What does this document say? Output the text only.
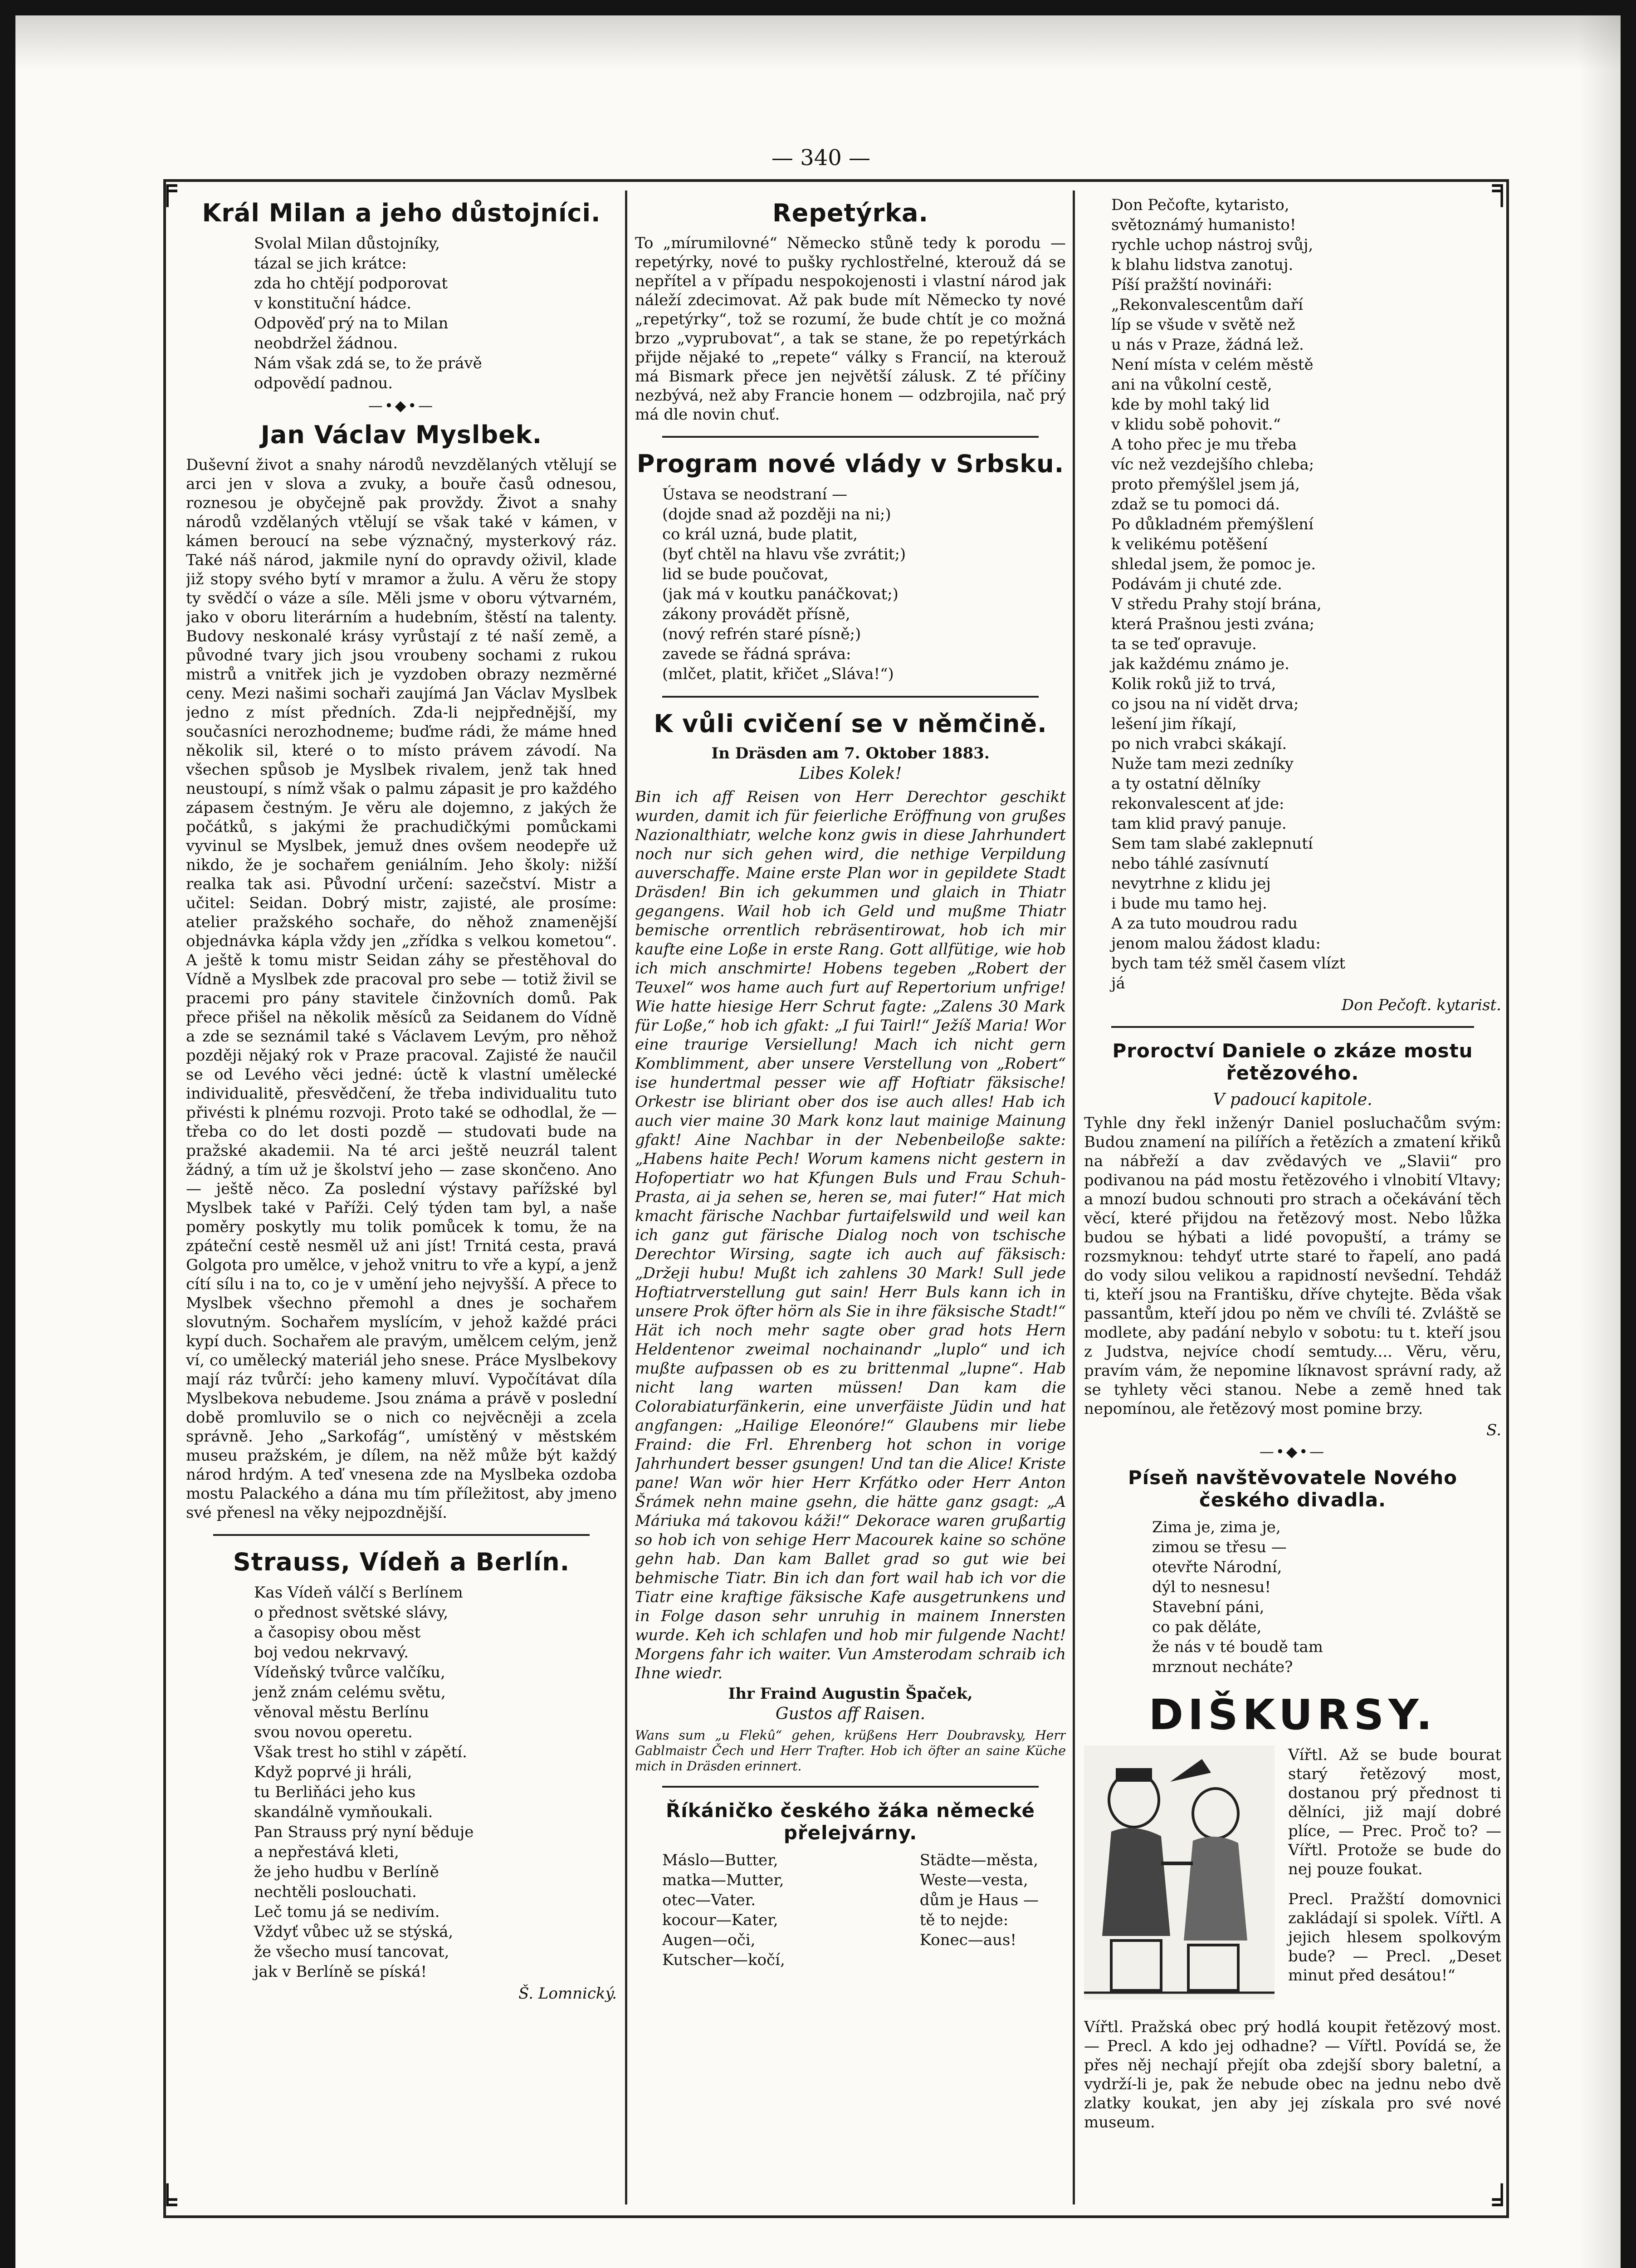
— 340 —
╒	╕
╘	╛
Král Milan a jeho důstojníci.
Svolal Milan důstojníky,
tázal se jich krátce:
zda ho chtějí podporovat
v konstituční hádce.
Odpověď prý na to Milan
neobdržel žádnou.
Nám však zdá se, to že právě
odpovědí padnou.
—•◆•—
Jan Václav Myslbek.

Duševní život a snahy národů nevzdělaných vtělují se arci jen v slova a zvuky, a bouře časů odnesou, roznesou je obyčejně pak provždy. Život a snahy národů vzdělaných vtělují se však také v kámen, v kámen beroucí na sebe význačný, mysterkový ráz. Také náš národ, jakmile nyní do opravdy oživil, klade již stopy svého bytí v mramor a žulu. A věru že stopy ty svědčí o váze a síle. Měli jsme v oboru výtvarném, jako v oboru literárním a hudebním, štěstí na talenty. Budovy neskonalé krásy vyrůstají z té naší země, a původné tvary jich jsou vroubeny sochami z rukou mistrů a vnitřek jich je vyzdoben obrazy nezměrné ceny. Mezi našimi sochaři zaujímá Jan Václav Myslbek jedno z míst předních. Zda-li nejpřednější, my současníci nerozhodneme; buďme rádi, že máme hned několik sil, které o to místo právem závodí. Na všechen spůsob je Myslbek rivalem, jenž tak hned neustoupí, s nímž však o palmu zápasit je pro každého zápasem čestným. Je věru ale dojemno, z jakých že počátků, s jakými že prachudičkými pomůckami vyvinul se Myslbek, jemuž dnes ovšem neodepře už nikdo, že je sochařem geniálním. Jeho školy: nižší realka tak asi. Původní určení: sazečství. Mistr a učitel: Seidan. Dobrý mistr, zajisté, ale prosíme: atelier pražského sochaře, do něhož znamenější objednávka kápla vždy jen „zřídka s velkou kometou“. A ještě k tomu mistr Seidan záhy se přestěhoval do Vídně a Myslbek zde pracoval pro sebe — totiž živil se pracemi pro pány stavitele činžovních domů. Pak přece přišel na několik měsíců za Seidanem do Vídně a zde se seznámil také s Václavem Levým, pro něhož později nějaký rok v Praze pracoval. Zajisté že naučil se od Levého věci jedné: úctě k vlastní umělecké individualitě, přesvědčení, že třeba individualitu tuto přivésti k plnému rozvoji. Proto také se odhodlal, že — třeba co do let dosti pozdě — studovati bude na pražské akademii. Na té arci ještě neuzrál talent žádný, a tím už je školství jeho — zase skončeno. Ano — ještě něco. Za poslední výstavy pařížské byl Myslbek také v Paříži. Celý týden tam byl, a naše poměry poskytly mu tolik pomůcek k tomu, že na zpáteční cestě nesměl už ani jíst! Trnitá cesta, pravá Golgota pro umělce, v jehož vnitru to vře a kypí, a jenž cítí sílu i na to, co je v umění jeho nejvyšší. A přece to Myslbek všechno přemohl a dnes je sochařem slovutným. Sochařem myslícím, v jehož každé práci kypí duch. Sochařem ale pravým, umělcem celým, jenž ví, co umělecký materiál jeho snese. Práce Myslbekovy mají ráz tvůrčí: jeho kameny mluví. Vypočítávat díla Myslbekova nebudeme. Jsou známa a právě v poslední době promluvilo se o nich co nejvěcněji a zcela správně. Jeho „Sarkofág“, umístěný v městském museu pražském, je dílem, na něž může být každý národ hrdým. A teď vnesena zde na Myslbeka ozdoba mostu Palackého a dána mu tím příležitost, aby jmeno své přenesl na věky nejpozdnější.

Strauss, Vídeň a Berlín.
Kas Vídeň válčí s Berlínem
o přednost světské slávy,
a časopisy obou měst
boj vedou nekrvavý.
Vídeňský tvůrce valčíku,
jenž znám celému světu,
věnoval městu Berlínu
svou novou operetu.
Však trest ho stihl v zápětí.
Když poprvé ji hráli,
tu Berliňáci jeho kus
skandálně vymňoukali.
Pan Strauss prý nyní běduje
a nepřestává kleti,
že jeho hudbu v Berlíně
nechtěli poslouchati.
Leč tomu já se nedivím.
Vždyť vůbec už se stýská,
že všecho musí tancovat,
jak v Berlíně se píská!
Š. Lomnický.
Repetýrka.

To „mírumilovné“ Německo stůně tedy k porodu — repetýrky, nové to pušky rychlostřelné, kterouž dá se nepřítel a v případu nespokojenosti i vlastní národ jak náleží zdecimovat. Až pak bude mít Německo ty nové „repetýrky“, tož se rozumí, že bude chtít je co možná brzo „vyprubovat“, a tak se stane, že po repetýrkách přijde nějaké to „repete“ války s Francií, na kterouž má Bismark přece jen největší zálusk. Z té příčiny nezbývá, než aby Francie honem — odzbrojila, nač prý má dle novin chuť.

Program nové vlády v Srbsku.
Ústava se neodstraní —
(dojde snad až později na ni;)
co král uzná, bude platit,
(byť chtěl na hlavu vše zvrátit;)
lid se bude poučovat,
(jak má v koutku panáčkovat;)
zákony provádět přísně,
(nový refrén staré písně;)
zavede se řádná správa:
(mlčet, platit, křičet „Sláva!“)
K vůli cvičení se v němčině.
In Dräsden am 7. Oktober 1883.
Libes Kolek!

Bin ich aff Reisen von Herr Derechtor geschikt wurden, damit ich für feierliche Eröffnung von grußes Nazionalthiatr, welche konz gwis in diese Jahrhundert noch nur sich gehen wird, die nethige Verpildung auverschaffe. Maine erste Plan wor in gepildete Stadt Dräsden! Bin ich gekummen und glaich in Thiatr gegangens. Wail hob ich Geld und mußme Thiatr bemische orrentlich rebräsentirowat, hob ich mir kaufte eine Loße in erste Rang. Gott allfütige, wie hob ich mich anschmirte! Hobens tegeben „Robert der Teuxel“ wos hame auch furt auf Repertorium unfrige! Wie hatte hiesige Herr Schrut fagte: „Zalens 30 Mark für Loße,“ hob ich gfakt: „I fui Tairl!“ Ježíš Maria! Wor eine traurige Versiellung! Mach ich nicht gern Komblimment, aber unsere Verstellung von „Robert“ ise hundertmal pesser wie aff Hoftiatr fäksische! Orkestr ise bliriant ober dos ise auch alles! Hab ich auch vier maine 30 Mark konz laut mainige Mainung gfakt! Aine Nachbar in der Nebenbeiloße sakte: „Habens haite Pech! Worum kamens nicht gestern in Hofopertiatr wo hat Kfungen Buls und Frau Schuh-Prasta, ai ja sehen se, heren se, mai futer!“ Hat mich kmacht färische Nachbar furtaifelswild und weil kan ich ganz gut färische Dialog noch von tschische Derechtor Wirsing, sagte ich auch auf fäksisch: „Držeji hubu! Mußt ich zahlens 30 Mark! Sull jede Hoftiatrverstellung gut sain! Herr Buls kann ich in unsere Prok öfter hörn als Sie in ihre fäksische Stadt!“ Hät ich noch mehr sagte ober grad hots Hern Heldentenor zweimal nochainandr „luplo“ und ich mußte aufpassen ob es zu brittenmal „lupne“. Hab nicht lang warten müssen! Dan kam die Colorabiaturfänkerin, eine unverfäiste Jüdin und hat angfangen: „Hailige Eleonóre!“ Glaubens mir liebe Fraind: die Frl. Ehrenberg hot schon in vorige Jahrhundert besser gsungen! Und tan die Alice! Kriste pane! Wan wör hier Herr Krfátko oder Herr Anton Šrámek nehn maine gsehn, die hätte ganz gsagt: „A Máriuka má takovou káži!“ Dekorace waren grußartig so hob ich von sehige Herr Macourek kaine so schöne gehn hab. Dan kam Ballet grad so gut wie bei behmische Tiatr. Bin ich dan fort wail hab ich vor die Tiatr eine kraftige fäksische Kafe ausgetrunkens und in Folge dason sehr unruhig in mainem Innersten wurde. Keh ich schlafen und hob mir fulgende Nacht! Morgens fahr ich waiter. Vun Amsterodam schraib ich Ihne wiedr.

Ihr Fraind Augustin Špaček,
Gustos aff Raisen.
Wans sum „u Flekû“ gehen, krüßens Herr Doubravsky, Herr Gablmaistr Čech und Herr Trafter. Hob ich öfter an saine Küche mich in Dräsden erinnert.
Říkáničko českého žáka německé přelejvárny.
Máslo—Butter,
matka—Mutter,
otec—Vater.
kocour—Kater,
Augen—oči,
Kutscher—kočí,
Städte—města,
Weste—vesta,
dům je Haus —
tě to nejde:
Konec—aus!
Don Pečofte, kytaristo,
světoznámý humanisto!
rychle uchop nástroj svůj,
k blahu lidstva zanotuj.
Píší pražští novináři:
„Rekonvalescentům daří
líp se všude v světě než
u nás v Praze, žádná lež.
Není místa v celém městě
ani na vůkolní cestě,
kde by mohl taký lid
v klidu sobě pohovit.“
A toho přec je mu třeba
víc než vezdejšího chleba;
proto přemýšlel jsem já,
zdaž se tu pomoci dá.
Po důkladném přemýšlení
k velikému potěšení
shledal jsem, že pomoc je.
Podávám ji chuté zde.
V středu Prahy stojí brána,
která Prašnou jesti zvána;
ta se teď opravuje.
jak každému známo je.
Kolik roků již to trvá,
co jsou na ní vidět drva;
lešení jim říkají,
po nich vrabci skákají.
Nuže tam mezi zedníky
a ty ostatní dělníky
rekonvalescent ať jde:
tam klid pravý panuje.
Sem tam slabé zaklepnutí
nebo táhlé zasívnutí
nevytrhne z klidu jej
i bude mu tamo hej.
A za tuto moudrou radu
jenom malou žádost kladu:
bych tam též směl časem vlízt
já
Don Pečoft. kytarist.
Proroctví Daniele o zkáze mostu řetězového.
V padoucí kapitole.

Tyhle dny řekl inženýr Daniel posluchačům svým: Budou znamení na pilířích a řetězích a zmatení křiků na nábřeží a dav zvědavých ve „Slavii“ pro podivanou na pád mostu řetězového i vlnobití Vltavy; a mnozí budou schnouti pro strach a očekávání těch věcí, které přijdou na řetězový most. Nebo lůžka budou se hýbati a lidé povopuští, a trámy se rozsmyknou: tehdyť utrte staré to řapelí, ano padá do vody silou velikou a rapidností nevšední. Tehdáž ti, kteří jsou na Františku, dříve chytejte. Běda však passantům, kteří jdou po něm ve chvíli té. Zvláště se modlete, aby padání nebylo v sobotu: tu t. kteří jsou z Judstva, nejvíce chodí semtudy.... Věru, věru, pravím vám, že nepomine líknavost správní rady, až se tyhlety věci stanou. Nebe a země hned tak nepomínou, ale řetězový most pomine brzy.

S.
—•◆•—
Píseň navštěvovatele Nového českého divadla.
Zima je, zima je,
zimou se třesu —
otevřte Národní,
dýl to nesnesu!
Stavební páni,
co pak děláte,
že nás v té boudě tam
mrznout necháte?
DIŠKURSY.

Vířtl. Až se bude bourat starý řetězový most, dostanou prý přednost ti dělníci, již mají dobré plíce, — Prec. Proč to? — Vířtl. Protože se bude do nej pouze foukat.

Precl. Pražští domovnici zakládají si spolek. Vířtl. A jejich hlesem spolkovým bude? — Precl. „Deset minut před desátou!“

Vířtl. Pražská obec prý hodlá koupit řetězový most. — Precl. A kdo jej odhadne? — Vířtl. Povídá se, že přes něj nechají přejít oba zdejší sbory baletní, a vydrží-li je, pak že nebude obec na jednu nebo dvě zlatky koukat, jen aby jej získala pro své nové museum.
